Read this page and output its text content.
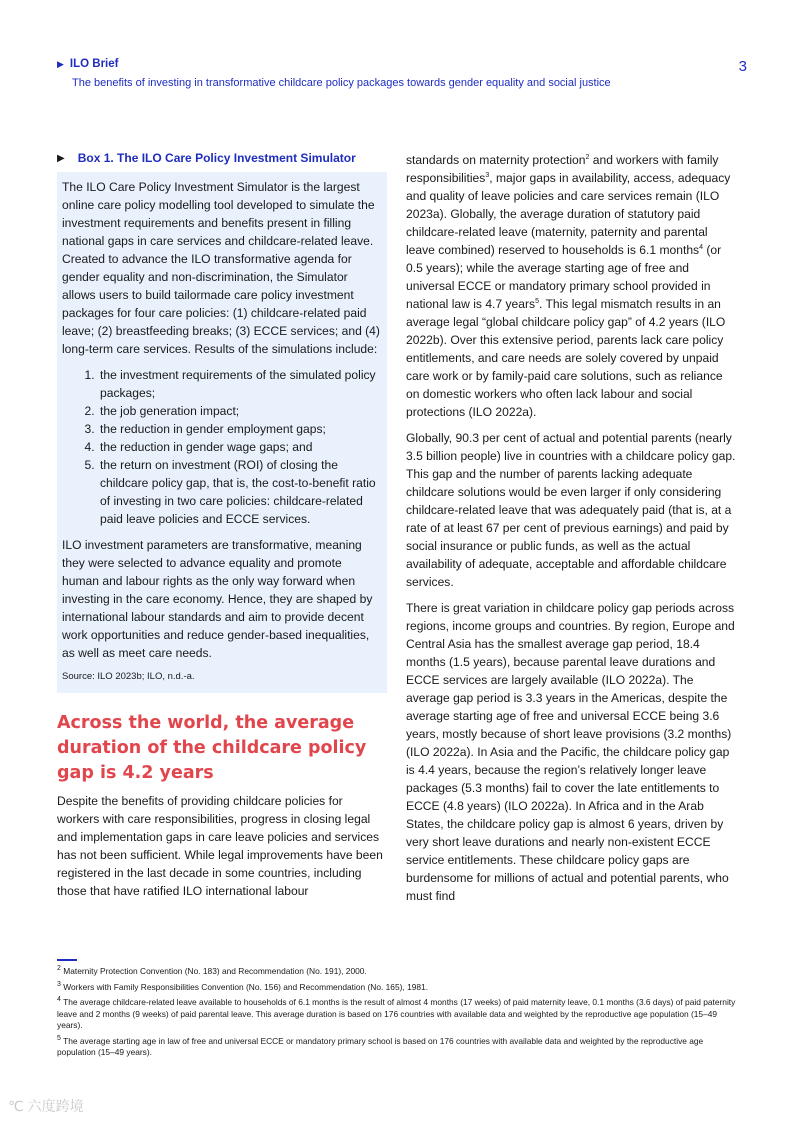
▶ ILO Brief
The benefits of investing in transformative childcare policy packages towards gender equality and social justice
3
▶ Box 1. The ILO Care Policy Investment Simulator

The ILO Care Policy Investment Simulator is the largest online care policy modelling tool developed to simulate the investment requirements and benefits present in filling national gaps in care services and childcare-related leave. Created to advance the ILO transformative agenda for gender equality and non-discrimination, the Simulator allows users to build tailormade care policy investment packages for four care policies: (1) childcare-related paid leave; (2) breastfeeding breaks; (3) ECCE services; and (4) long-term care services. Results of the simulations include:

1. the investment requirements of the simulated policy packages;
2. the job generation impact;
3. the reduction in gender employment gaps;
4. the reduction in gender wage gaps; and
5. the return on investment (ROI) of closing the childcare policy gap, that is, the cost-to-benefit ratio of investing in two care policies: childcare-related paid leave policies and ECCE services.

ILO investment parameters are transformative, meaning they were selected to advance equality and promote human and labour rights as the only way forward when investing in the care economy. Hence, they are shaped by international labour standards and aim to provide decent work opportunities and reduce gender-based inequalities, as well as meet care needs.

Source: ILO 2023b; ILO, n.d.-a.

Across the world, the average duration of the childcare policy gap is 4.2 years

Despite the benefits of providing childcare policies for workers with care responsibilities, progress in closing legal and implementation gaps in care leave policies and services has not been sufficient. While legal improvements have been registered in the last decade in some countries, including those that have ratified ILO international labour

standards on maternity protection$^2$ and workers with family responsibilities$^3$, major gaps in availability, access, adequacy and quality of leave policies and care services remain (ILO 2023a). Globally, the average duration of statutory paid childcare-related leave (maternity, paternity and parental leave combined) reserved to households is 6.1 months$^4$ (or 0.5 years); while the average starting age of free and universal ECCE or mandatory primary school provided in national law is 4.7 years$^5$. This legal mismatch results in an average legal “global childcare policy gap” of 4.2 years (ILO 2022b). Over this extensive period, parents lack care policy entitlements, and care needs are solely covered by unpaid care work or by family-paid care solutions, such as reliance on domestic workers who often lack labour and social protections (ILO 2022a).

Globally, 90.3 per cent of actual and potential parents (nearly 3.5 billion people) live in countries with a childcare policy gap. This gap and the number of parents lacking adequate childcare solutions would be even larger if only considering childcare-related leave that was adequately paid (that is, at a rate of at least 67 per cent of previous earnings) and paid by social insurance or public funds, as well as the actual availability of adequate, acceptable and affordable childcare services.

There is great variation in childcare policy gap periods across regions, income groups and countries. By region, Europe and Central Asia has the smallest average gap period, 18.4 months (1.5 years), because parental leave durations and ECCE services are largely available (ILO 2022a). The average gap period is 3.3 years in the Americas, despite the average starting age of free and universal ECCE being 3.6 years, mostly because of short leave provisions (3.2 months) (ILO 2022a). In Asia and the Pacific, the childcare policy gap is 4.4 years, because the region’s relatively longer leave packages (5.3 months) fail to cover the late entitlements to ECCE (4.8 years) (ILO 2022a). In Africa and in the Arab States, the childcare policy gap is almost 6 years, driven by very short leave durations and nearly non-existent ECCE service entitlements. These childcare policy gaps are burdensome for millions of actual and potential parents, who must find

$^2$ Maternity Protection Convention (No. 183) and Recommendation (No. 191), 2000.

$^3$ Workers with Family Responsibilities Convention (No. 156) and Recommendation (No. 165), 1981.

$^4$ The average childcare-related leave available to households of 6.1 months is the result of almost 4 months (17 weeks) of paid maternity leave, 0.1 months (3.6 days) of paid paternity leave and 2 months (9 weeks) of paid parental leave. This average duration is based on 176 countries with available data and weighted by the reproductive age population (15–49 years).

$^5$ The average starting age in law of free and universal ECCE or mandatory primary school is based on 176 countries with available data and weighted by the reproductive age population (15–49 years).

℃ 六度跨境
